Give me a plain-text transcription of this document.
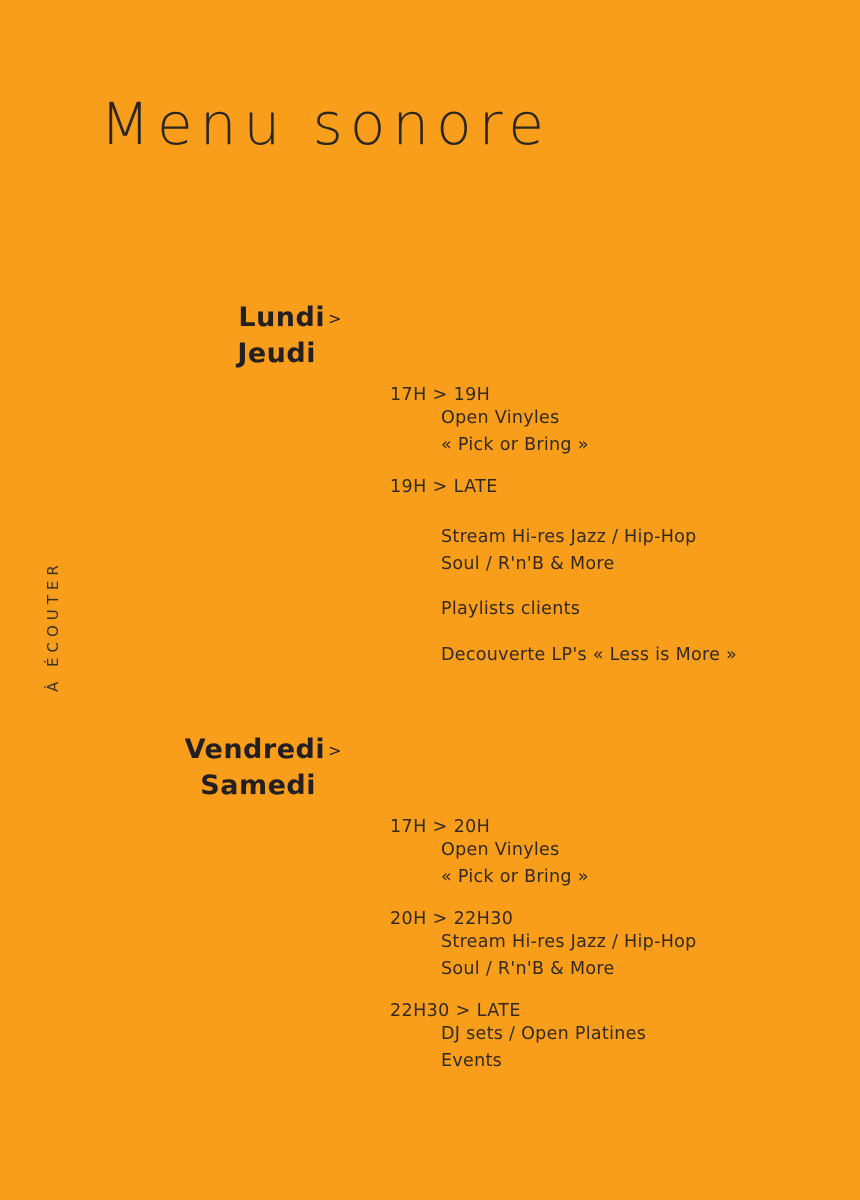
Menu sonore
À ÉCOUTER
Lundi >
Jeudi
17H > 19H
Open Vinyles
« Pick or Bring »
19H > LATE
Stream Hi-res Jazz / Hip-Hop
Soul / R'n'B & More
Playlists clients
Decouverte LP's « Less is More »
Vendredi >
Samedi
17H > 20H
Open Vinyles
« Pick or Bring »
20H > 22H30
Stream Hi-res Jazz / Hip-Hop
Soul / R'n'B & More
22H30 > LATE
DJ sets / Open Platines
Events
